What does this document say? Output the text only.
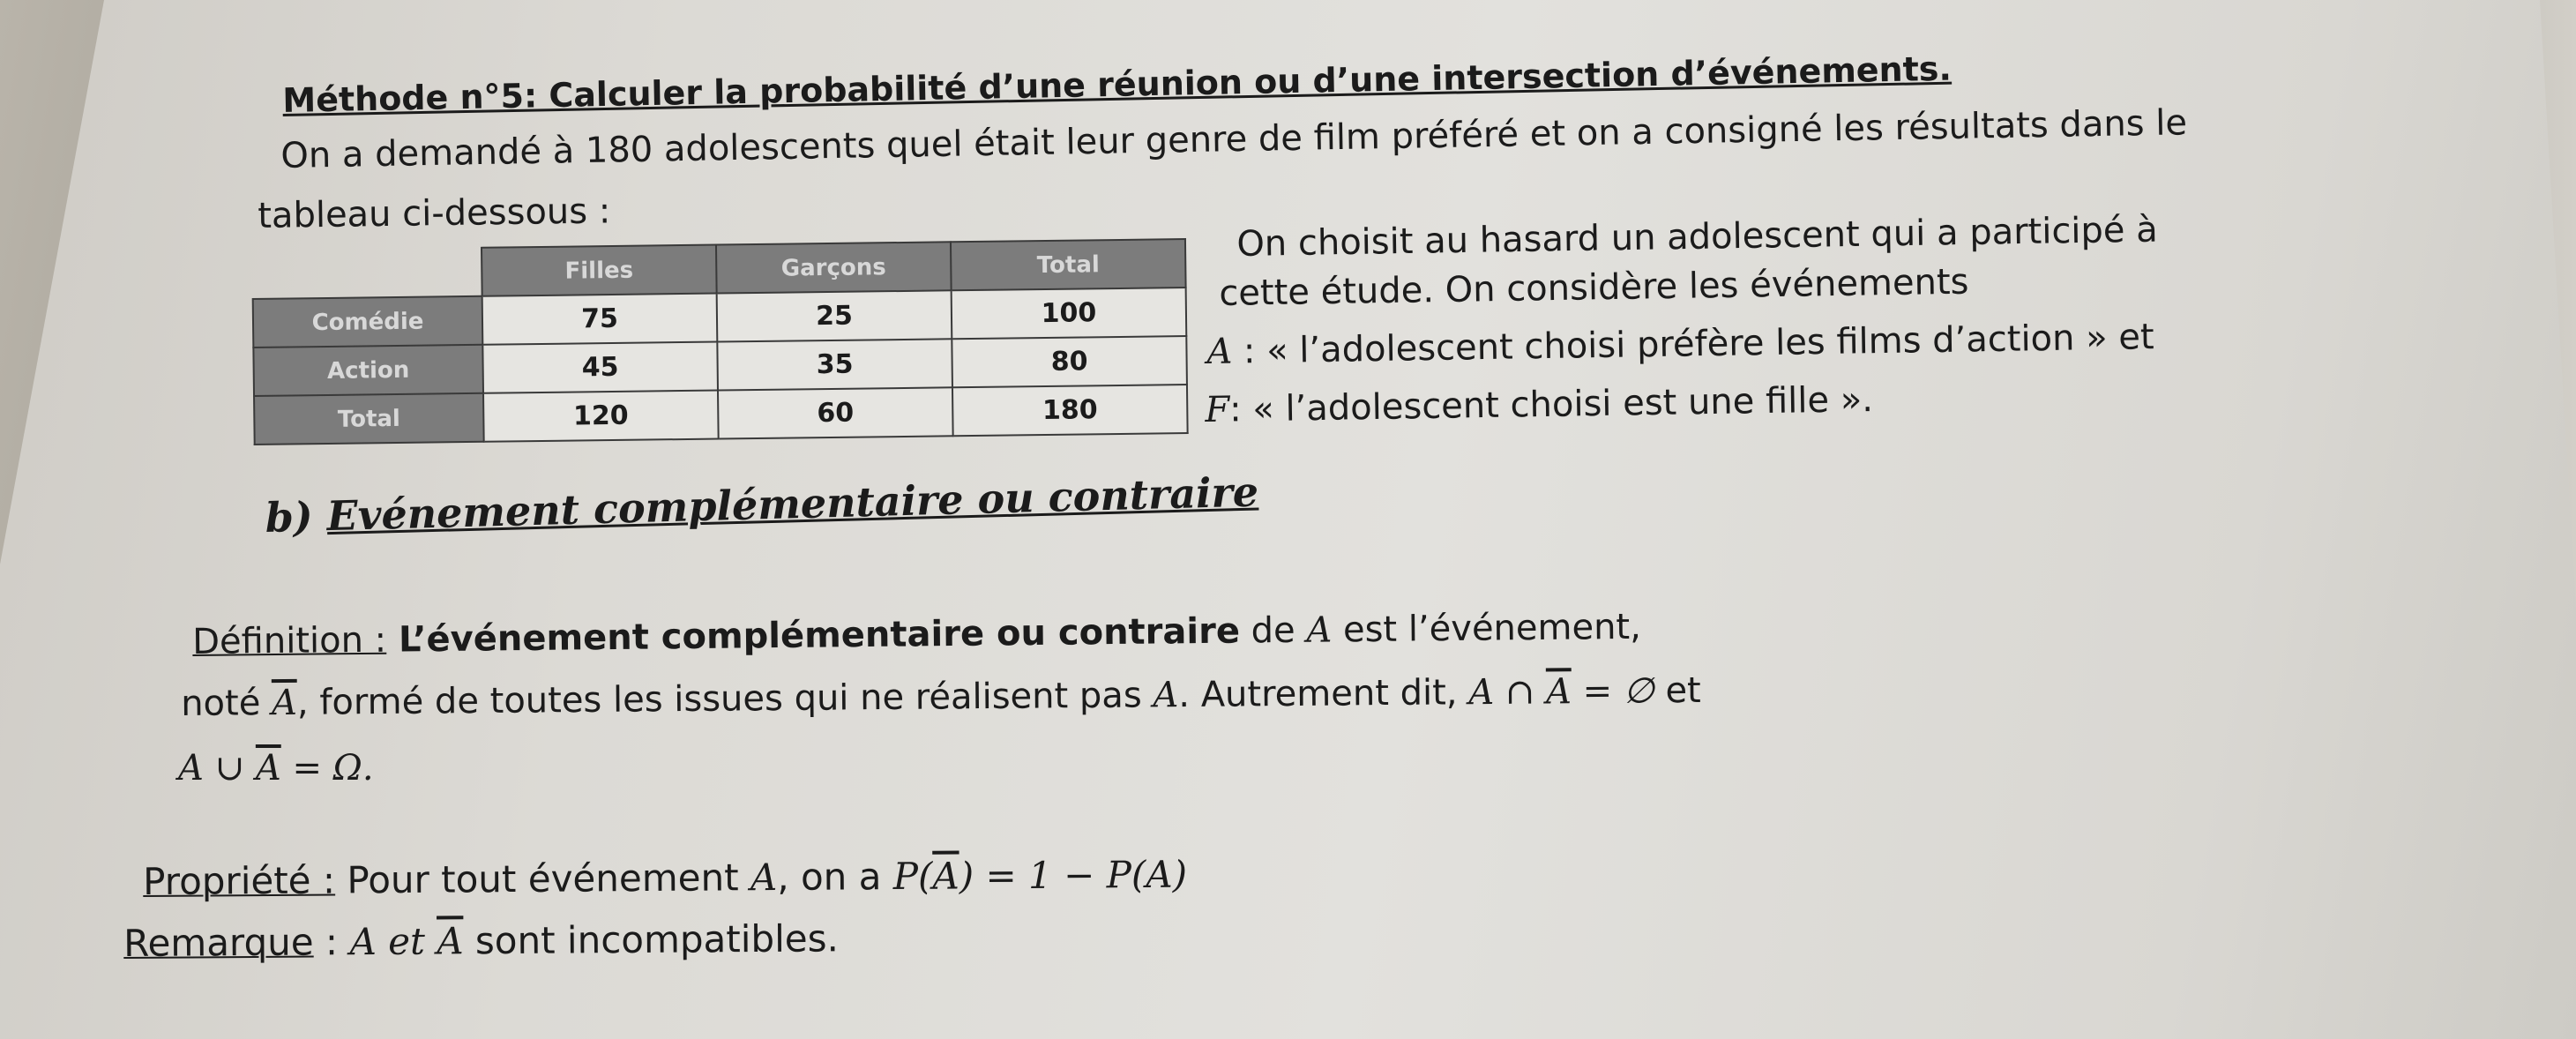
Méthode n°5: Calculer la probabilité d’une réunion ou d’une intersection d’événements.
On a demandé à 180 adolescents quel était leur genre de film préféré et on a consigné les résultats dans le
tableau ci-dessous :
	Filles	Garçons	Total
Comédie	75	25	100
Action	45	35	80
Total	120	60	180
On choisit au hasard un adolescent qui a participé à
cette étude. On considère les événements
A : « l’adolescent choisi préfère les films d’action » et
F: « l’adolescent choisi est une fille ».
b) Evénement complémentaire ou contraire
Définition : L’événement complémentaire ou contraire de A est l’événement,
noté $\overline{A}$, formé de toutes les issues qui ne réalisent pas A. Autrement dit, A ∩ $\overline{A}$ = ∅ et
A ∪ $\overline{A} = \Omega$.
Propriété : Pour tout événement A, on a $P(\overline{A}) = 1 - P(A)$
Remarque : A et $\overline{A}$ sont incompatibles.
